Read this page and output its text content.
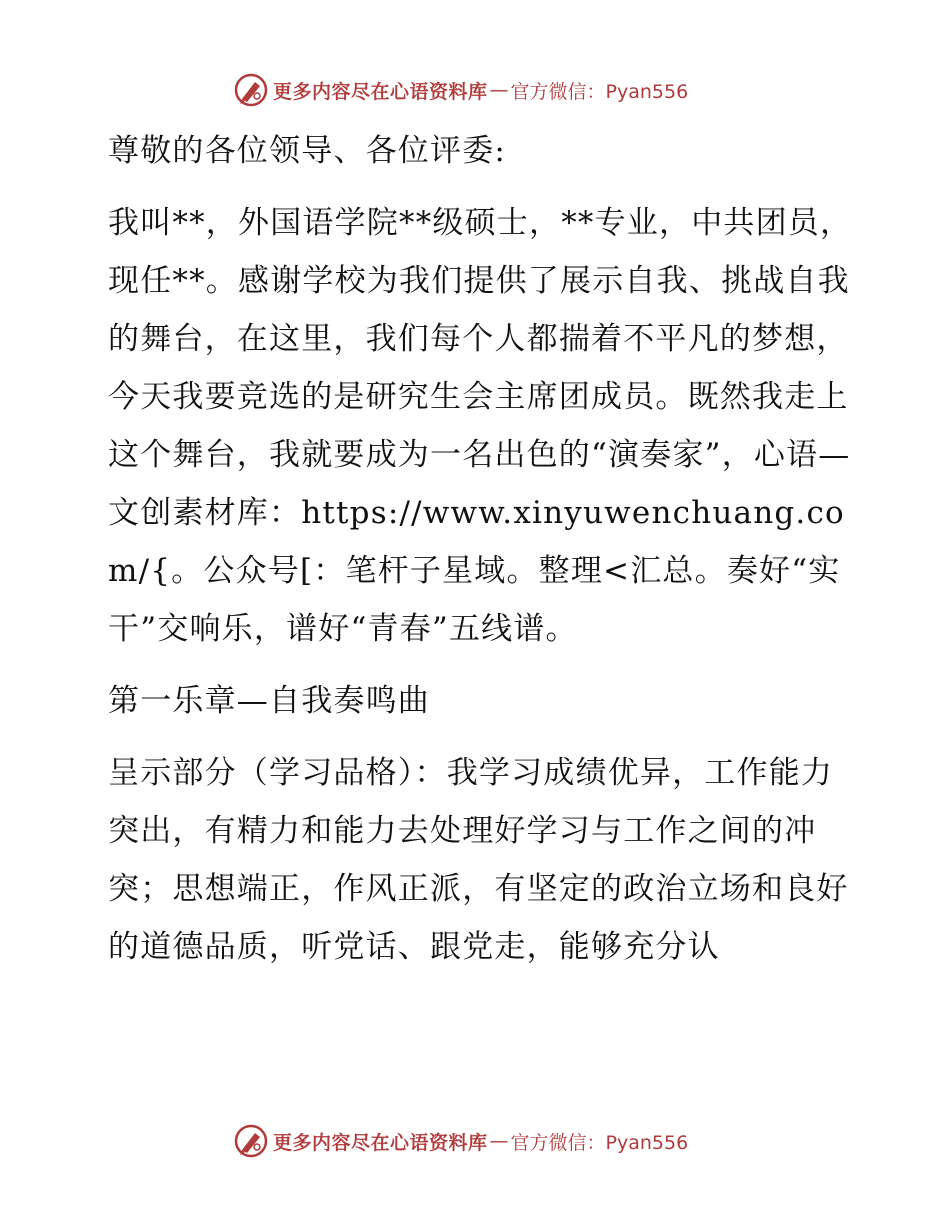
更多内容尽在心语资料库 — 官方微信：Pyan556

尊敬的各位领导、各位评委:

我叫**，外国语学院**级硕士，**专业，中共团员，现任**。感谢学校为我们提供了展示自我、挑战自我的舞台，在这里，我们每个人都揣着不平凡的梦想，今天我要竞选的是研究生会主席团成员。既然我走上这个舞台，我就要成为一名出色的“演奏家”，心语—文创素材库：https://www.xinyuwenchuang.com/{。公众号[：笔杆子星域。整理<汇总。奏好“实干”交响乐，谱好“青春”五线谱。

第一乐章—自我奏鸣曲

呈示部分（学习品格）：我学习成绩优异，工作能力突出，有精力和能力去处理好学习与工作之间的冲突；思想端正，作风正派，有坚定的政治立场和良好的道德品质，听党话、跟党走，能够充分认

更多内容尽在心语资料库 — 官方微信：Pyan556
